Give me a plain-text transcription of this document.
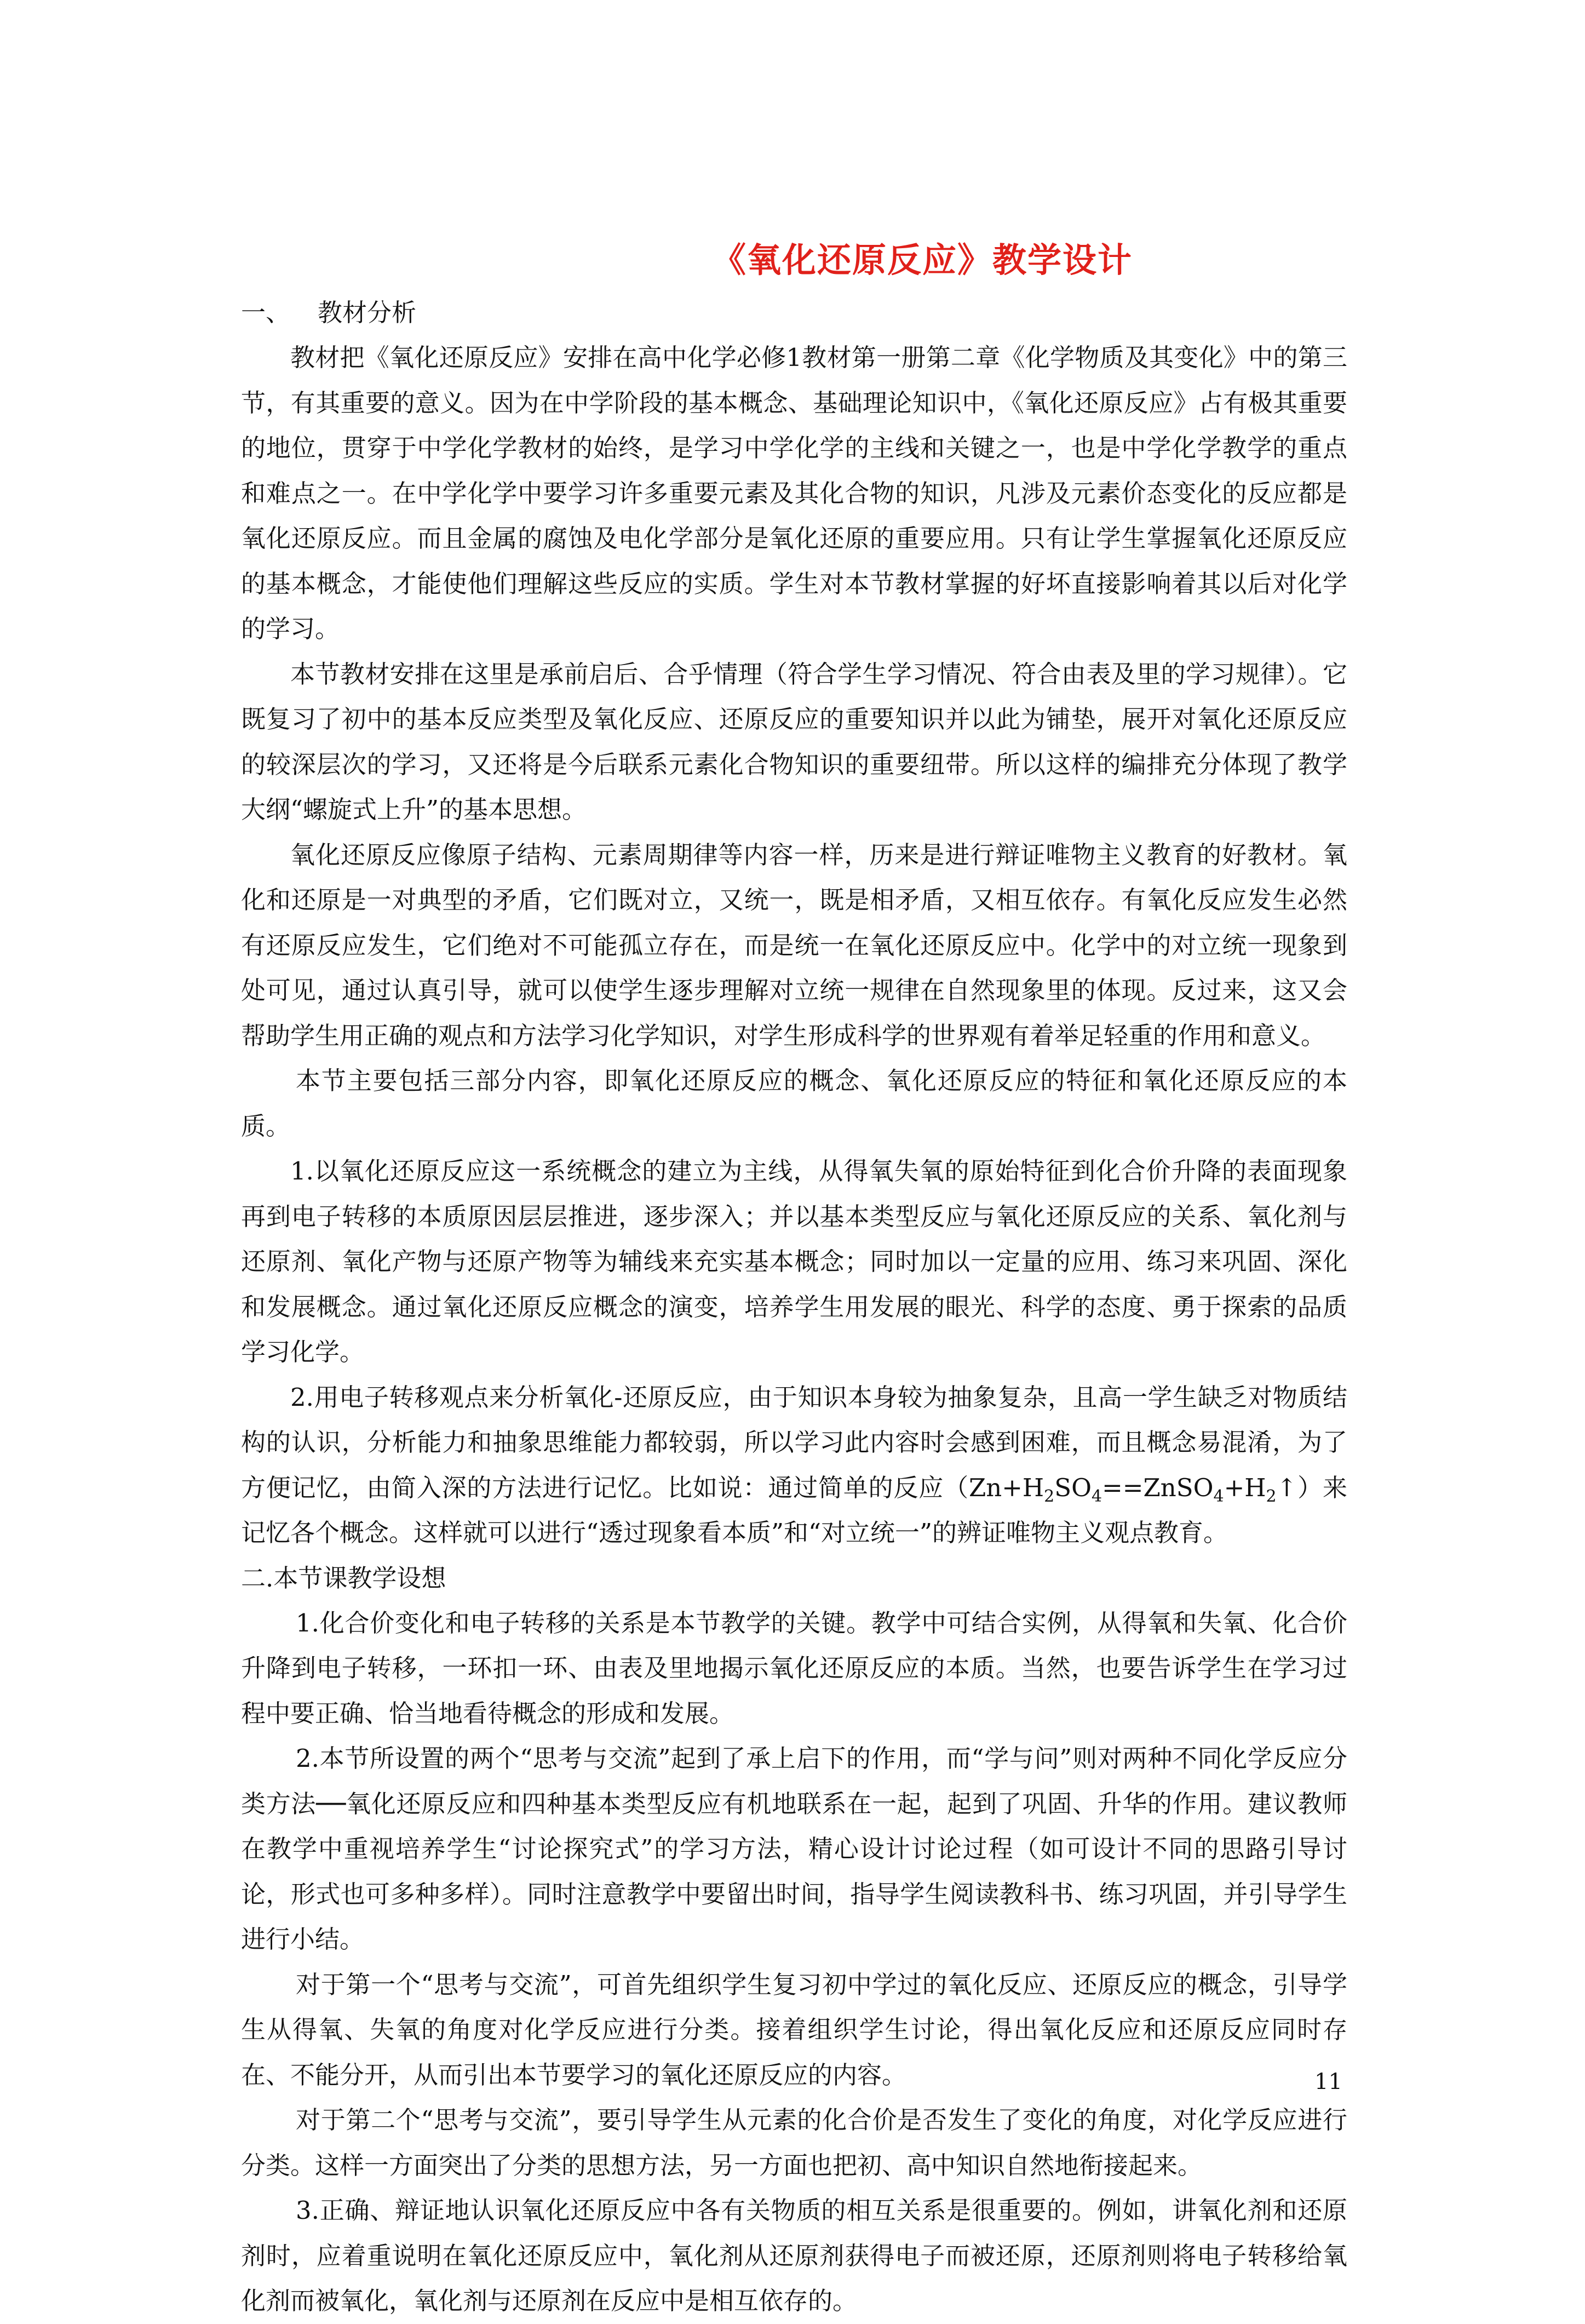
《氧化还原反应》教学设计
一、 教材分析

教材把《氧化还原反应》安排在高中化学必修1教材第一册第二章《化学物质及其变化》中的第三节，有其重要的意义。因为在中学阶段的基本概念、基础理论知识中，《氧化还原反应》占有极其重要的地位，贯穿于中学化学教材的始终，是学习中学化学的主线和关键之一，也是中学化学教学的重点和难点之一。在中学化学中要学习许多重要元素及其化合物的知识，凡涉及元素价态变化的反应都是氧化还原反应。而且金属的腐蚀及电化学部分是氧化还原的重要应用。只有让学生掌握氧化还原反应的基本概念，才能使他们理解这些反应的实质。学生对本节教材掌握的好坏直接影响着其以后对化学的学习。

本节教材安排在这里是承前启后、合乎情理（符合学生学习情况、符合由表及里的学习规律）。它既复习了初中的基本反应类型及氧化反应、还原反应的重要知识并以此为铺垫，展开对氧化还原反应的较深层次的学习，又还将是今后联系元素化合物知识的重要纽带。所以这样的编排充分体现了教学大纲“螺旋式上升”的基本思想。

氧化还原反应像原子结构、元素周期律等内容一样，历来是进行辩证唯物主义教育的好教材。氧化和还原是一对典型的矛盾，它们既对立，又统一，既是相矛盾，又相互依存。有氧化反应发生必然有还原反应发生，它们绝对不可能孤立存在，而是统一在氧化还原反应中。化学中的对立统一现象到处可见，通过认真引导，就可以使学生逐步理解对立统一规律在自然现象里的体现。反过来，这又会帮助学生用正确的观点和方法学习化学知识，对学生形成科学的世界观有着举足轻重的作用和意义。

本节主要包括三部分内容，即氧化还原反应的概念、氧化还原反应的特征和氧化还原反应的本质。

1.以氧化还原反应这一系统概念的建立为主线，从得氧失氧的原始特征到化合价升降的表面现象再到电子转移的本质原因层层推进，逐步深入；并以基本类型反应与氧化还原反应的关系、氧化剂与还原剂、氧化产物与还原产物等为辅线来充实基本概念；同时加以一定量的应用、练习来巩固、深化和发展概念。通过氧化还原反应概念的演变，培养学生用发展的眼光、科学的态度、勇于探索的品质学习化学。

2.用电子转移观点来分析氧化-还原反应，由于知识本身较为抽象复杂，且高一学生缺乏对物质结构的认识，分析能力和抽象思维能力都较弱，所以学习此内容时会感到困难，而且概念易混淆，为了方便记忆，由简入深的方法进行记忆。比如说：通过简单的反应$(Zn+H_2SO_4==ZnSO_4+H_2↑)$来记忆各个概念。这样就可以进行“透过现象看本质”和“对立统一”的辨证唯物主义观点教育。

二.本节课教学设想

1.化合价变化和电子转移的关系是本节教学的关键。教学中可结合实例，从得氧和失氧、化合价升降到电子转移，一环扣一环、由表及里地揭示氧化还原反应的本质。当然，也要告诉学生在学习过程中要正确、恰当地看待概念的形成和发展。

2.本节所设置的两个“思考与交流”起到了承上启下的作用，而“学与问”则对两种不同化学反应分类方法──氧化还原反应和四种基本类型反应有机地联系在一起，起到了巩固、升华的作用。建议教师在教学中重视培养学生“讨论探究式”的学习方法，精心设计讨论过程（如可设计不同的思路引导讨论，形式也可多种多样）。同时注意教学中要留出时间，指导学生阅读教科书、练习巩固，并引导学生进行小结。

对于第一个“思考与交流”，可首先组织学生复习初中学过的氧化反应、还原反应的概念，引导学生从得氧、失氧的角度对化学反应进行分类。接着组织学生讨论，得出氧化反应和还原反应同时存在、不能分开，从而引出本节要学习的氧化还原反应的内容。

对于第二个“思考与交流”，要引导学生从元素的化合价是否发生了变化的角度，对化学反应进行分类。这样一方面突出了分类的思想方法，另一方面也把初、高中知识自然地衔接起来。

3.正确、辩证地认识氧化还原反应中各有关物质的相互关系是很重要的。例如，讲氧化剂和还原剂时，应着重说明在氧化还原反应中，氧化剂从还原剂获得电子而被还原，还原剂则将电子转移给氧化剂而被氧化，氧化剂与还原剂在反应中是相互依存的。

11
